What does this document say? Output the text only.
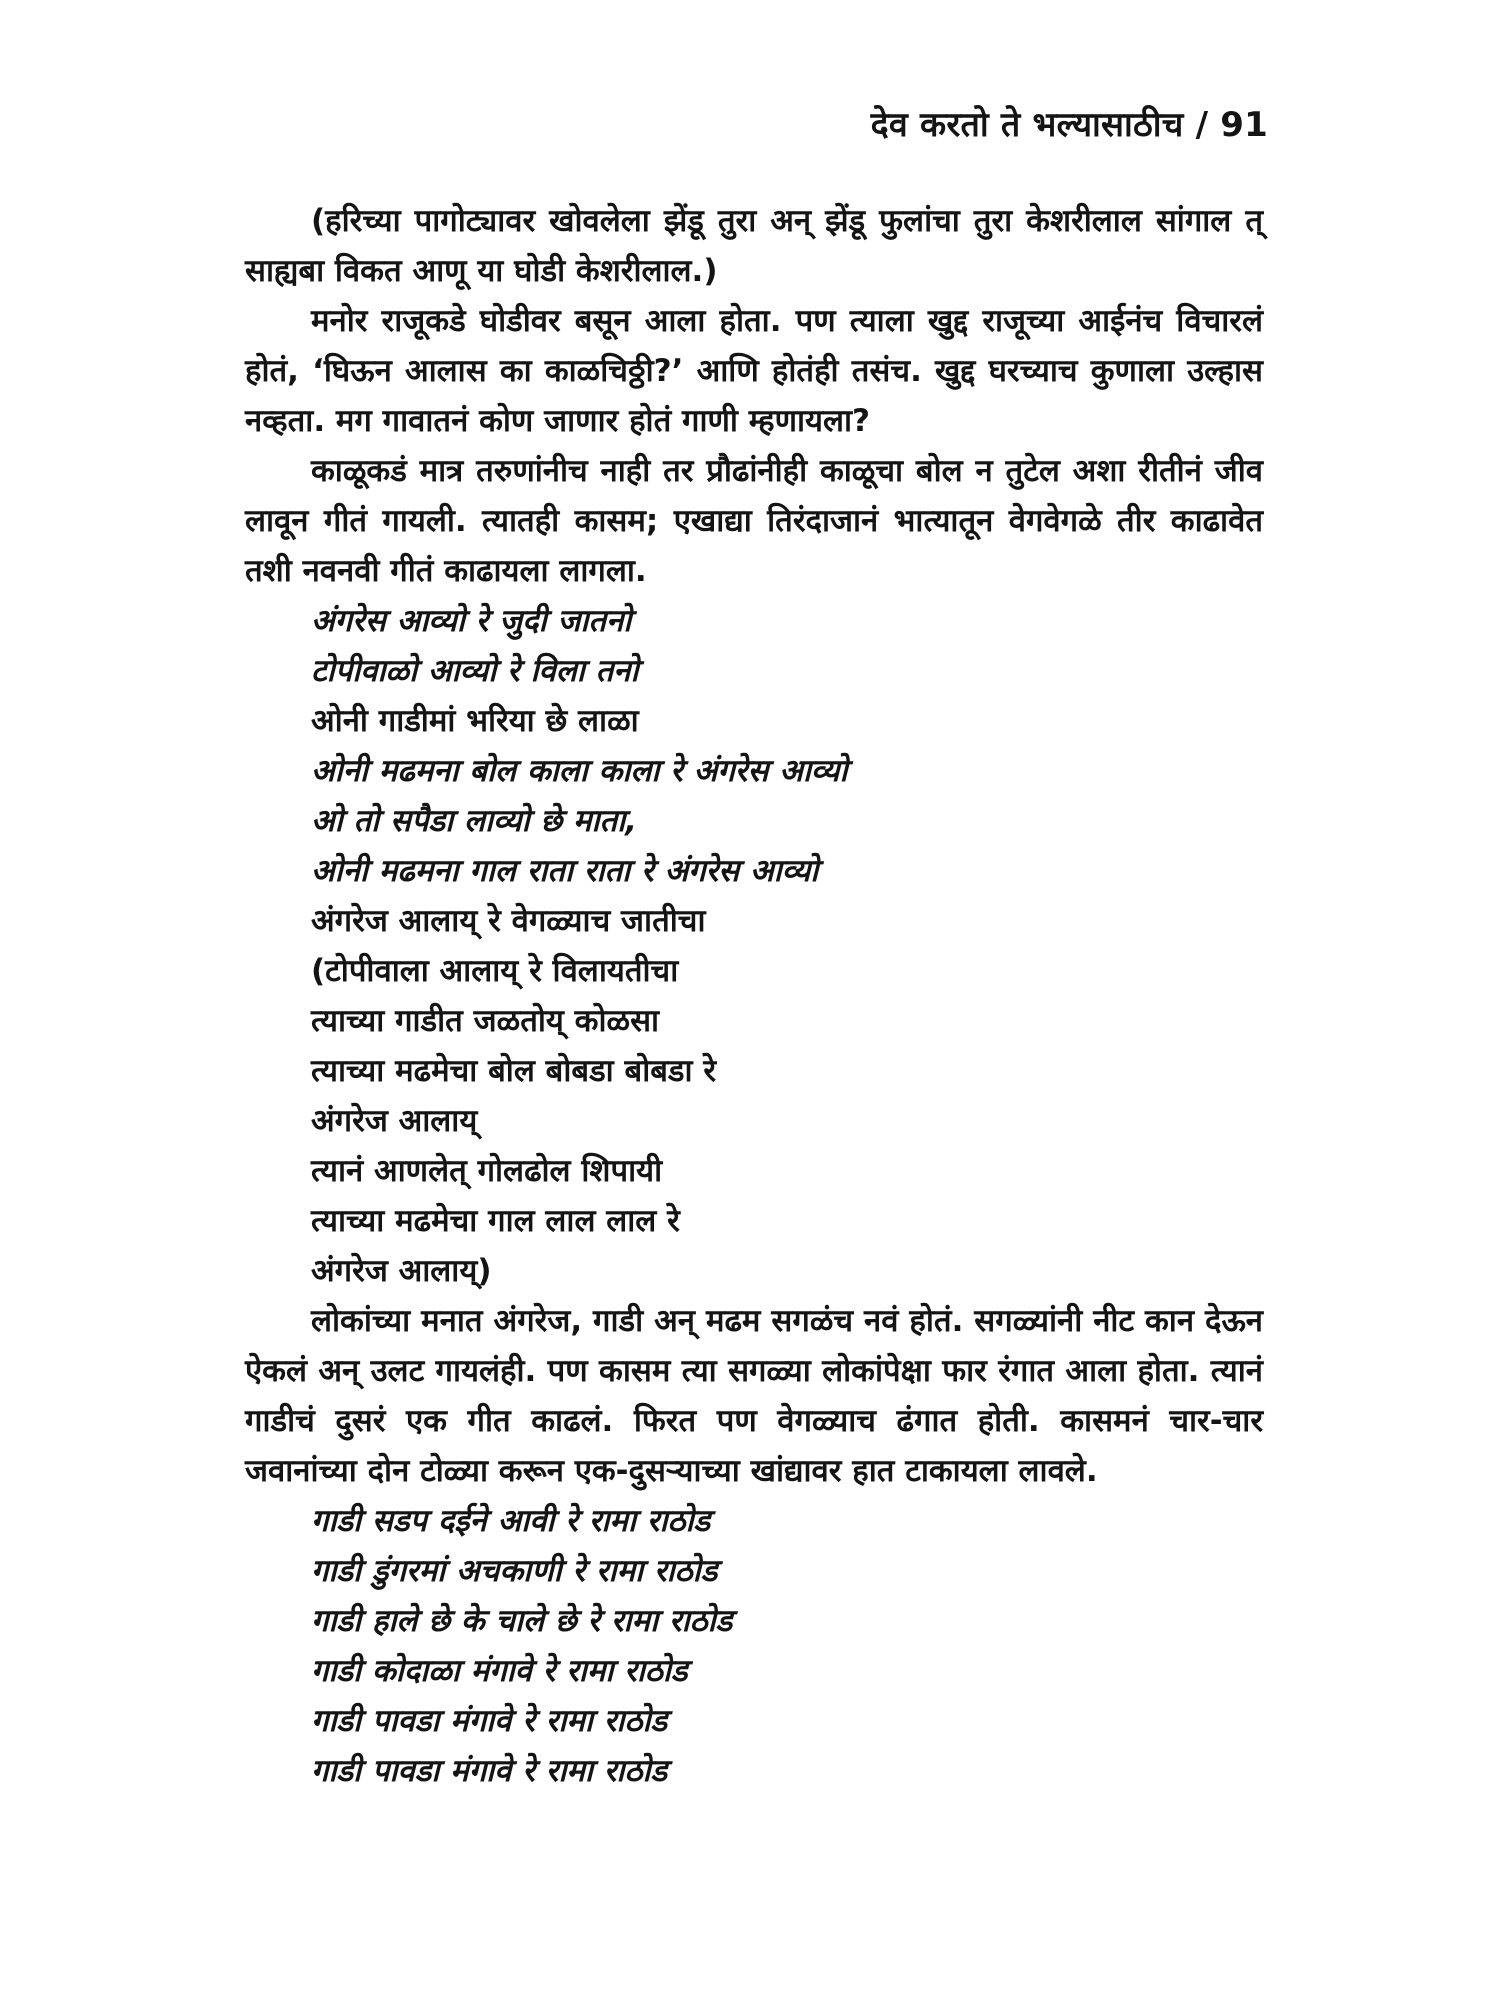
देव करतो ते भल्यासाठीच / 91

(हरिच्या पागोट्यावर खोवलेला झेंडू तुरा अन् झेंडू फुलांचा तुरा केशरीलाल सांगाल त् साह्यबा विकत आणू या घोडी केशरीलाल.)

मनोर राजूकडे घोडीवर बसून आला होता. पण त्याला खुद्द राजूच्या आईनंच विचारलं होतं, ‘घिऊन आलास का काळचिठ्ठी?’ आणि होतंही तसंच. खुद्द घरच्याच कुणाला उल्हास नव्हता. मग गावातनं कोण जाणार होतं गाणी म्हणायला?

काळूकडं मात्र तरुणांनीच नाही तर प्रौढांनीही काळूचा बोल न तुटेल अशा रीतीनं जीव लावून गीतं गायली. त्यातही कासम; एखाद्या तिरंदाजानं भात्यातून वेगवेगळे तीर काढावेत तशी नवनवी गीतं काढायला लागला.

अंगरेस आव्यो रे जुदी जातनो
टोपीवाळो आव्यो रे विला तनो
ओनी गाडीमां भरिया छे लाळा
ओनी मढमना बोल काला काला रे अंगरेस आव्यो
ओ तो सपैडा लाव्यो छे माता,
ओनी मढमना गाल राता राता रे अंगरेस आव्यो
अंगरेज आलाय् रे वेगळ्याच जातीचा
(टोपीवाला आलाय् रे विलायतीचा
त्याच्या गाडीत जळतोय् कोळसा
त्याच्या मढमेचा बोल बोबडा बोबडा रे
अंगरेज आलाय्
त्यानं आणलेत् गोलढोल शिपायी
त्याच्या मढमेचा गाल लाल लाल रे
अंगरेज आलाय्)

लोकांच्या मनात अंगरेज, गाडी अन् मढम सगळंच नवं होतं. सगळ्यांनी नीट कान देऊन ऐकलं अन् उलट गायलंही. पण कासम त्या सगळ्या लोकांपेक्षा फार रंगात आला होता. त्यानं गाडीचं दुसरं एक गीत काढलं. फिरत पण वेगळ्याच ढंगात होती. कासमनं चार-चार जवानांच्या दोन टोळ्या करून एक-दुसऱ्याच्या खांद्यावर हात टाकायला लावले.

गाडी सडप दईने आवी रे रामा राठोड
गाडी डुंगरमां अचकाणी रे रामा राठोड
गाडी हाले छे के चाले छे रे रामा राठोड
गाडी कोदाळा मंगावे रे रामा राठोड
गाडी पावडा मंगावे रे रामा राठोड
गाडी पावडा मंगावे रे रामा राठोड
